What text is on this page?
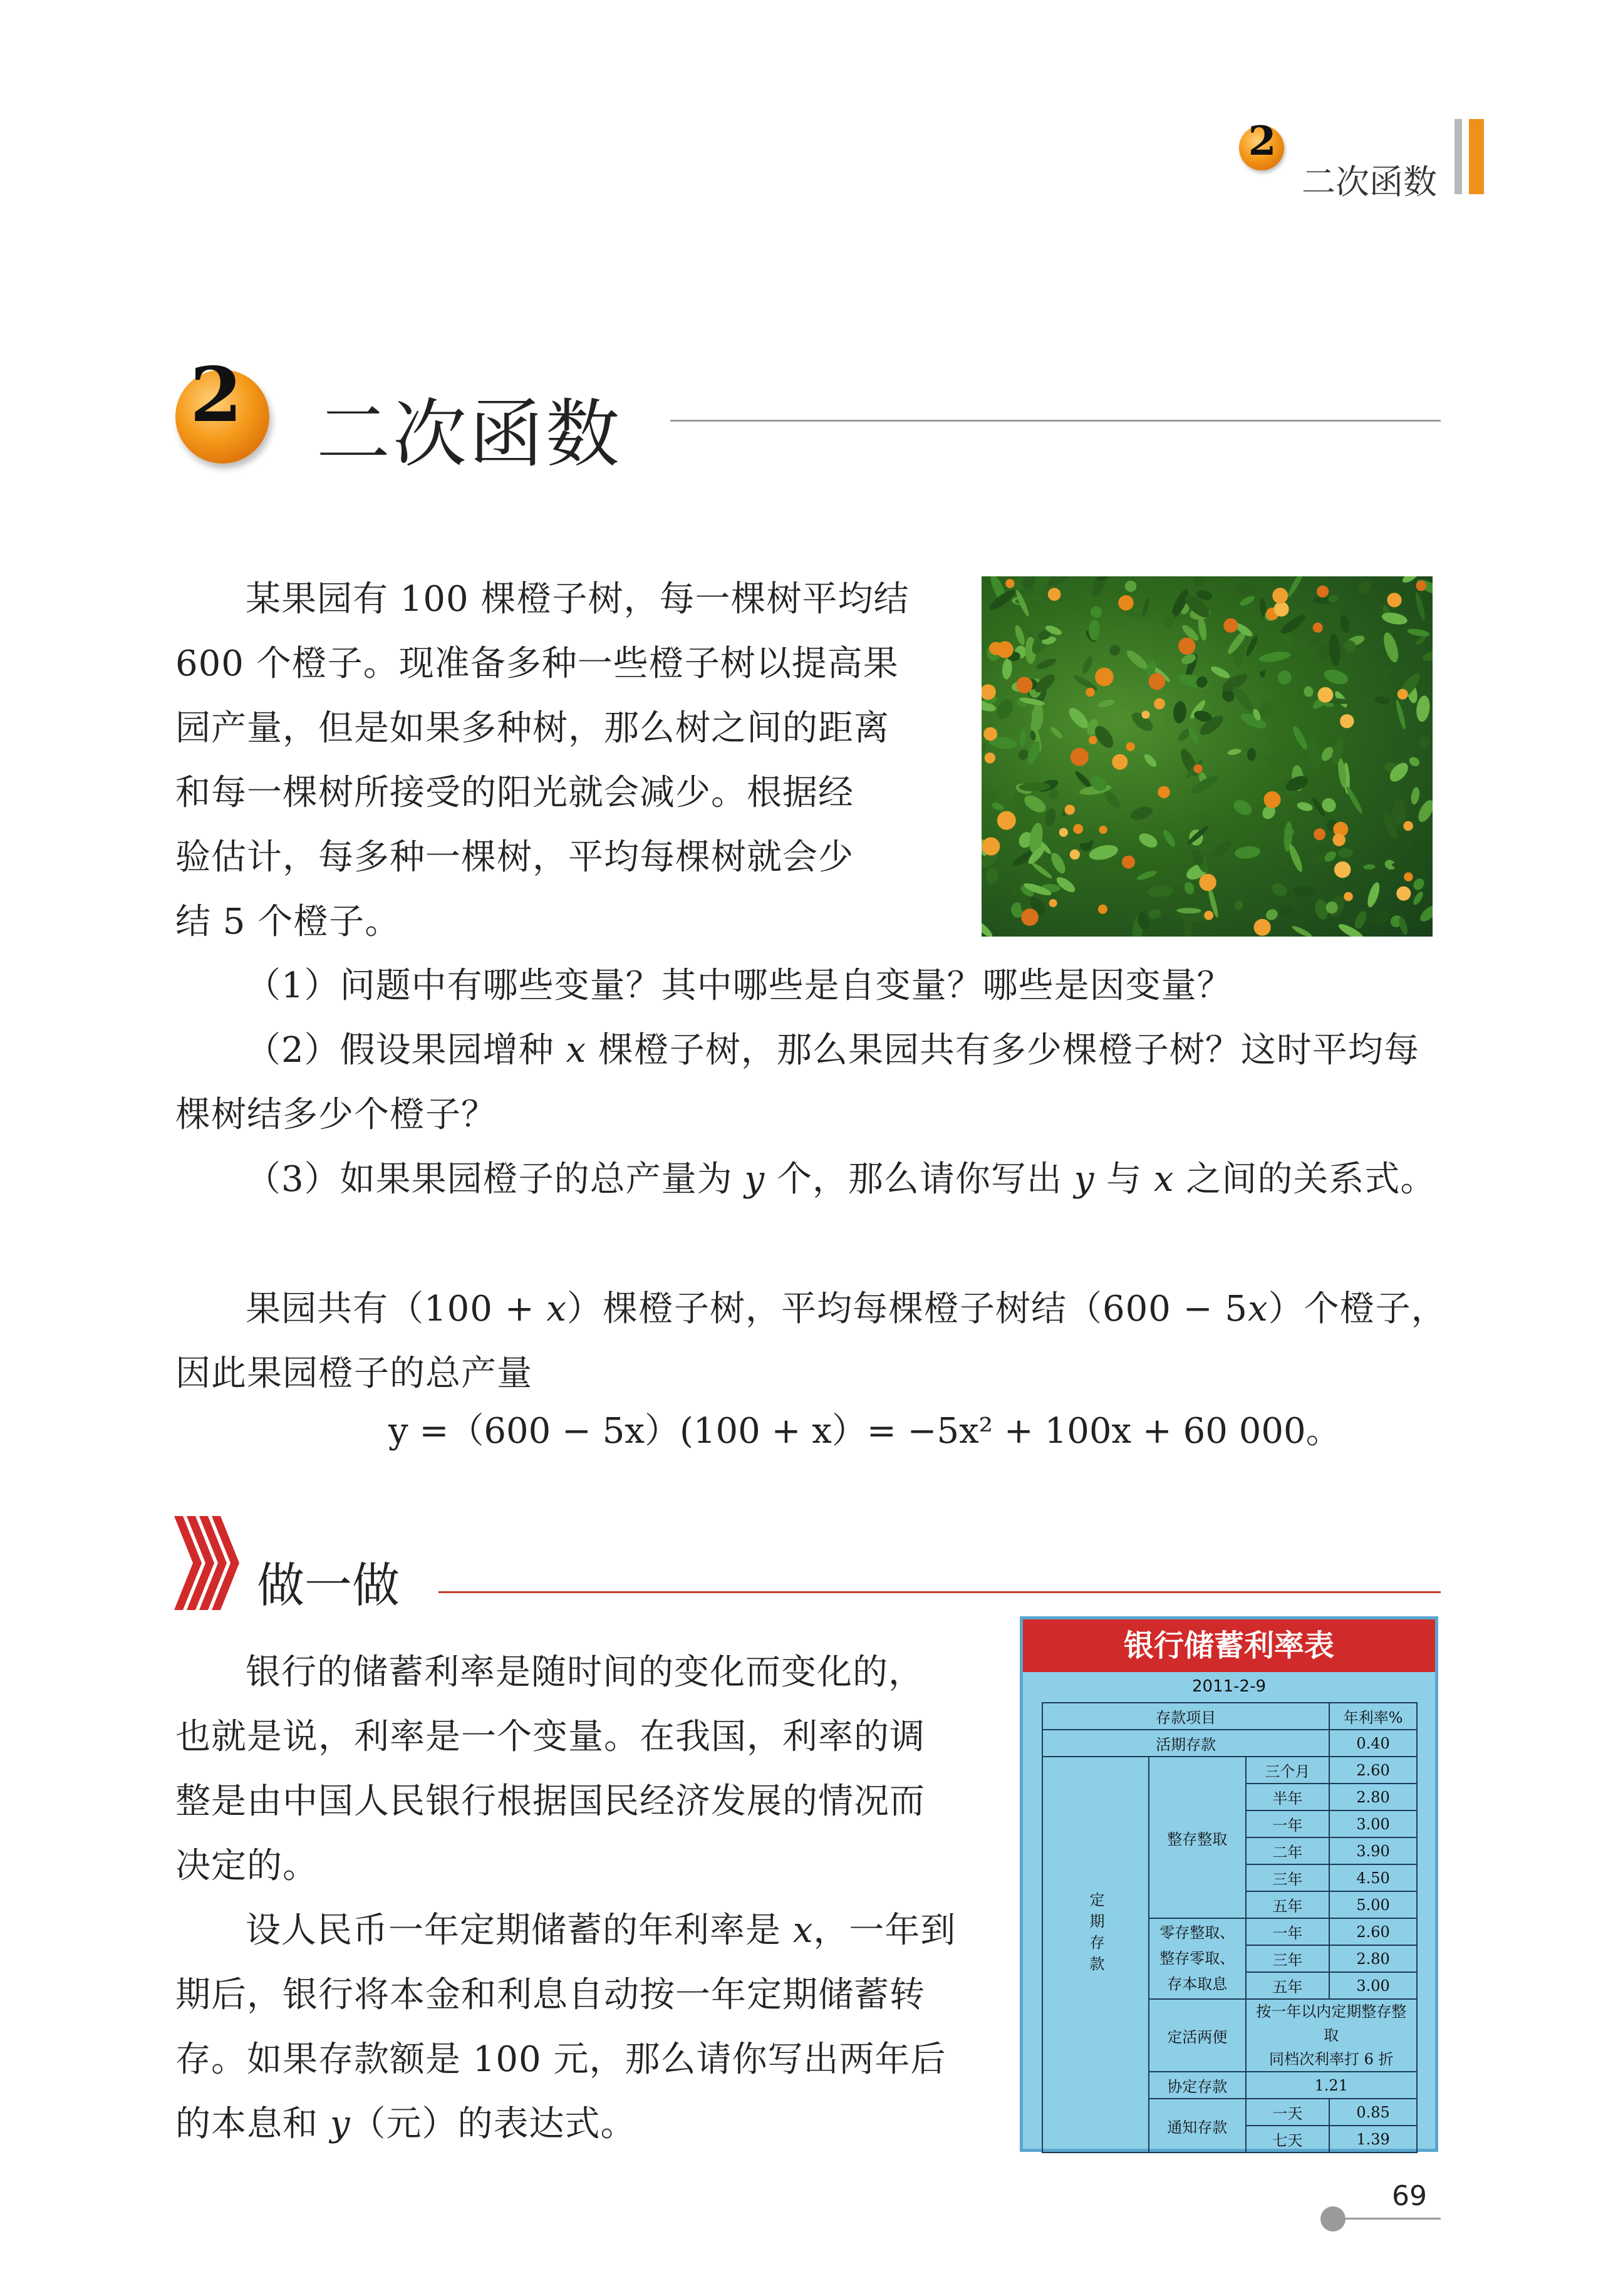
2
二次函数
2 二次函数

某果园有 100 棵橙子树，每一棵树平均结

600 个橙子。现准备多种一些橙子树以提高果

园产量，但是如果多种树，那么树之间的距离

和每一棵树所接受的阳光就会减少。根据经

验估计，每多种一棵树，平均每棵树就会少

结 5 个橙子。

（1）问题中有哪些变量？其中哪些是自变量？哪些是因变量？

（2）假设果园增种 x 棵橙子树，那么果园共有多少棵橙子树？这时平均每

棵树结多少个橙子？

（3）如果果园橙子的总产量为 y 个，那么请你写出 y 与 x 之间的关系式。

果园共有（100 + x）棵橙子树，平均每棵橙子树结（600 − 5x）个橙子，

因此果园橙子的总产量

y =（600 − 5x）(100 + x）= −5x² + 100x + 60 000。
做一做

银行的储蓄利率是随时间的变化而变化的，

也就是说，利率是一个变量。在我国，利率的调

整是由中国人民银行根据国民经济发展的情况而

决定的。

设人民币一年定期储蓄的年利率是 x，一年到

期后，银行将本金和利息自动按一年定期储蓄转

存。如果存款额是 100 元，那么请你写出两年后

的本息和 y（元）的表达式。

银行储蓄利率表
2011-2-9
存款项目			年利率%
活期存款			0.40
定期存款	整存整取	三个月	2.60
		半年	2.80
		一年	3.00
		二年	3.90
		三年	4.50
		五年	5.00

	零存整取、
整存零取、
存本取息	一年	2.60
		三年	2.80
		五年	3.00
	定活两便	按一年以内定期整存整取
同档次利率打 6 折	

	协定存款	1.21	
	通知存款	一天	0.85
		七天	1.39
69
